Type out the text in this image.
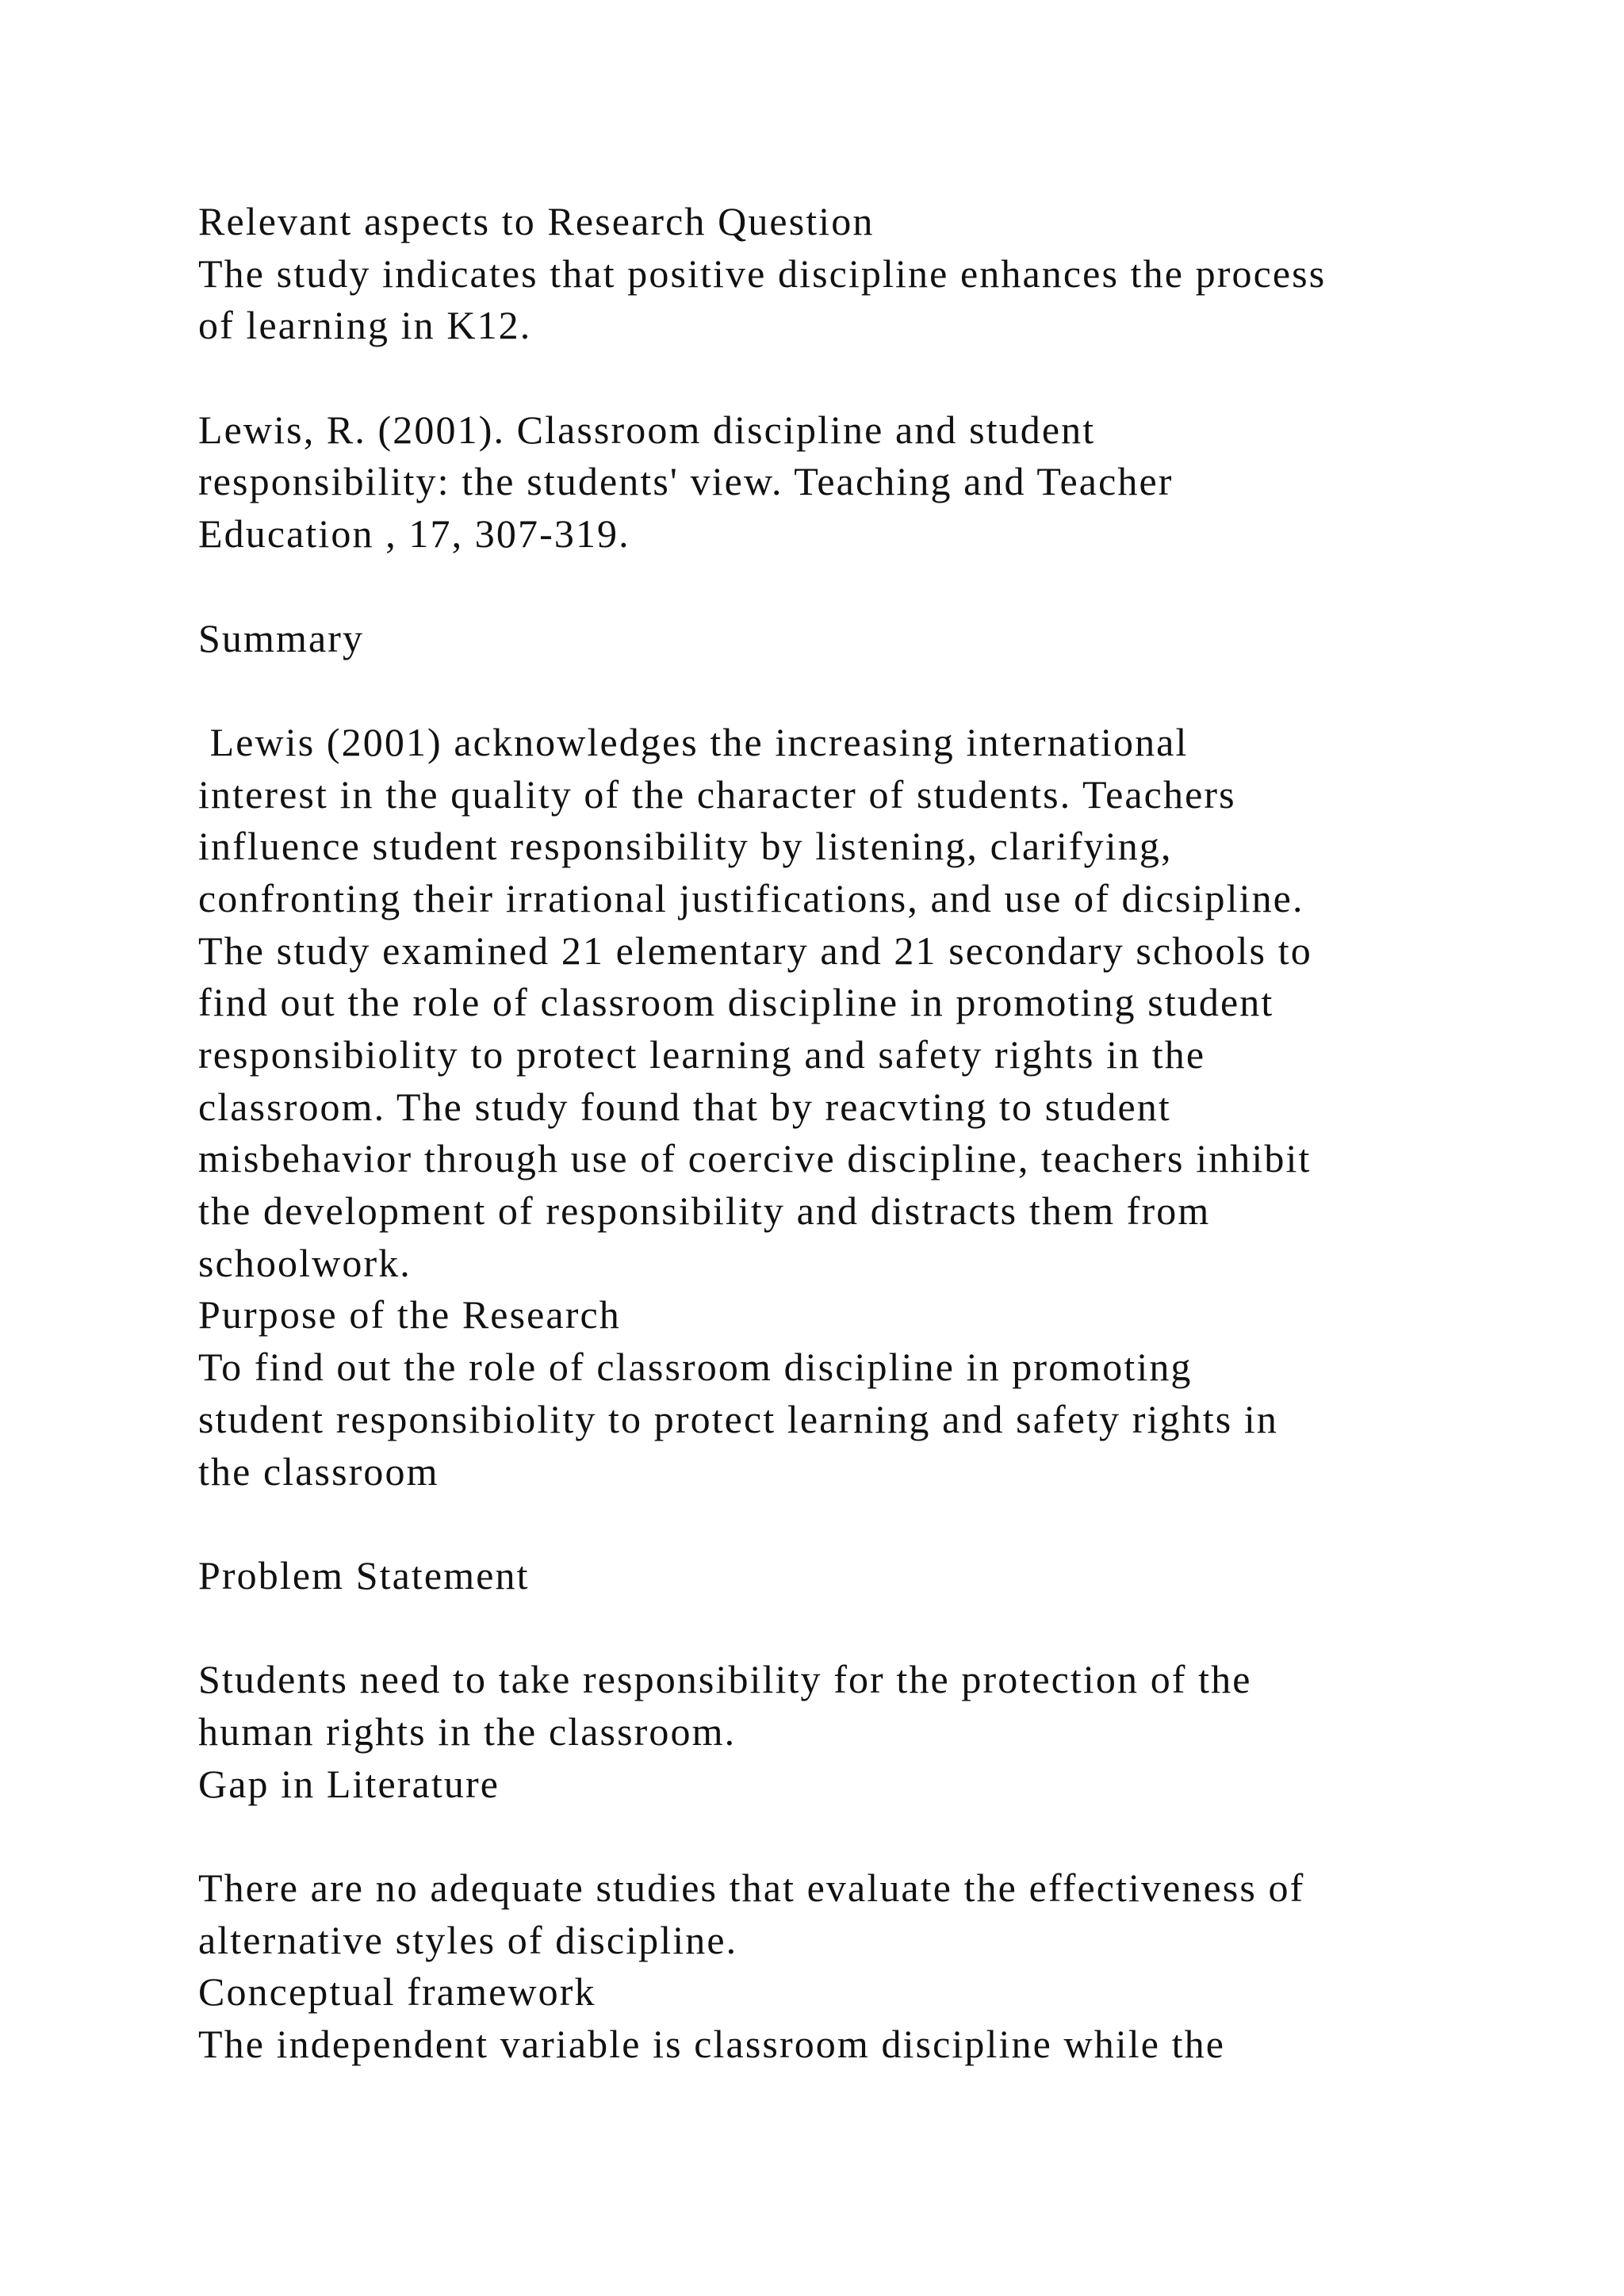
Relevant aspects to Research Question
The study indicates that positive discipline enhances the process
of learning in K12.
Lewis, R. (2001). Classroom discipline and student
responsibility: the students' view. Teaching and Teacher
Education , 17, 307-319.
Summary
Lewis (2001) acknowledges the increasing international
interest in the quality of the character of students. Teachers
influence student responsibility by listening, clarifying,
confronting their irrational justifications, and use of dicsipline.
The study examined 21 elementary and 21 secondary schools to
find out the role of classroom discipline in promoting student
responsibiolity to protect learning and safety rights in the
classroom. The study found that by reacvting to student
misbehavior through use of coercive discipline, teachers inhibit
the development of responsibility and distracts them from
schoolwork.
Purpose of the Research
To find out the role of classroom discipline in promoting
student responsibiolity to protect learning and safety rights in
the classroom
Problem Statement
Students need to take responsibility for the protection of the
human rights in the classroom.
Gap in Literature
There are no adequate studies that evaluate the effectiveness of
alternative styles of discipline.
Conceptual framework
The independent variable is classroom discipline while the
